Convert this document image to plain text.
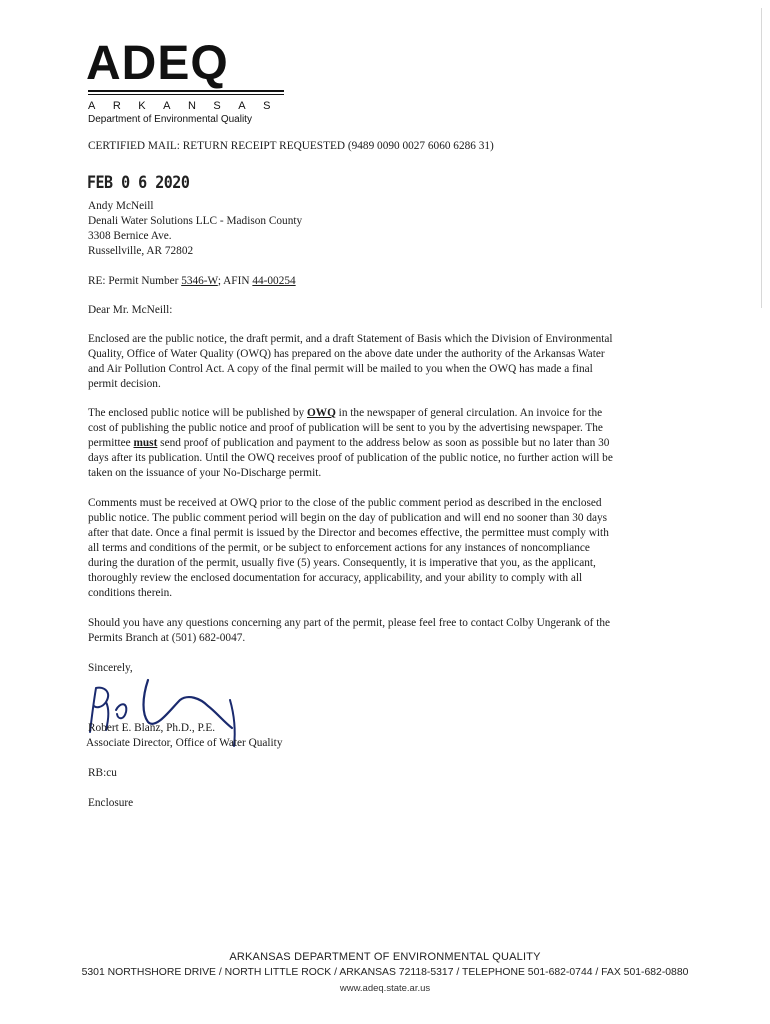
ADEQ
ARKANSAS
Department of Environmental Quality
CERTIFIED MAIL: RETURN RECEIPT REQUESTED (9489 0090 0027 6060 6286 31)
FEB 0 6 2020
Andy McNeill
Denali Water Solutions LLC - Madison County
3308 Bernice Ave.
Russellville, AR 72802
RE: Permit Number 5346-W; AFIN 44-00254
Dear Mr. McNeill:
Enclosed are the public notice, the draft permit, and a draft Statement of Basis which the Division of Environmental
Quality, Office of Water Quality (OWQ) has prepared on the above date under the authority of the Arkansas Water
and Air Pollution Control Act. A copy of the final permit will be mailed to you when the OWQ has made a final
permit decision.
The enclosed public notice will be published by OWQ in the newspaper of general circulation. An invoice for the
cost of publishing the public notice and proof of publication will be sent to you by the advertising newspaper. The
permittee must send proof of publication and payment to the address below as soon as possible but no later than 30
days after its publication. Until the OWQ receives proof of publication of the public notice, no further action will be
taken on the issuance of your No-Discharge permit.
Comments must be received at OWQ prior to the close of the public comment period as described in the enclosed
public notice. The public comment period will begin on the day of publication and will end no sooner than 30 days
after that date. Once a final permit is issued by the Director and becomes effective, the permittee must comply with
all terms and conditions of the permit, or be subject to enforcement actions for any instances of noncompliance
during the duration of the permit, usually five (5) years. Consequently, it is imperative that you, as the applicant,
thoroughly review the enclosed documentation for accuracy, applicability, and your ability to comply with all
conditions therein.
Should you have any questions concerning any part of the permit, please feel free to contact Colby Ungerank of the
Permits Branch at (501) 682-0047.
Sincerely,
Robert E. Blanz, Ph.D., P.E.
Associate Director, Office of Water Quality
RB:cu
Enclosure
ARKANSAS DEPARTMENT OF ENVIRONMENTAL QUALITY
5301 NORTHSHORE DRIVE / NORTH LITTLE ROCK / ARKANSAS 72118-5317 / TELEPHONE 501-682-0744 / FAX 501-682-0880
www.adeq.state.ar.us
